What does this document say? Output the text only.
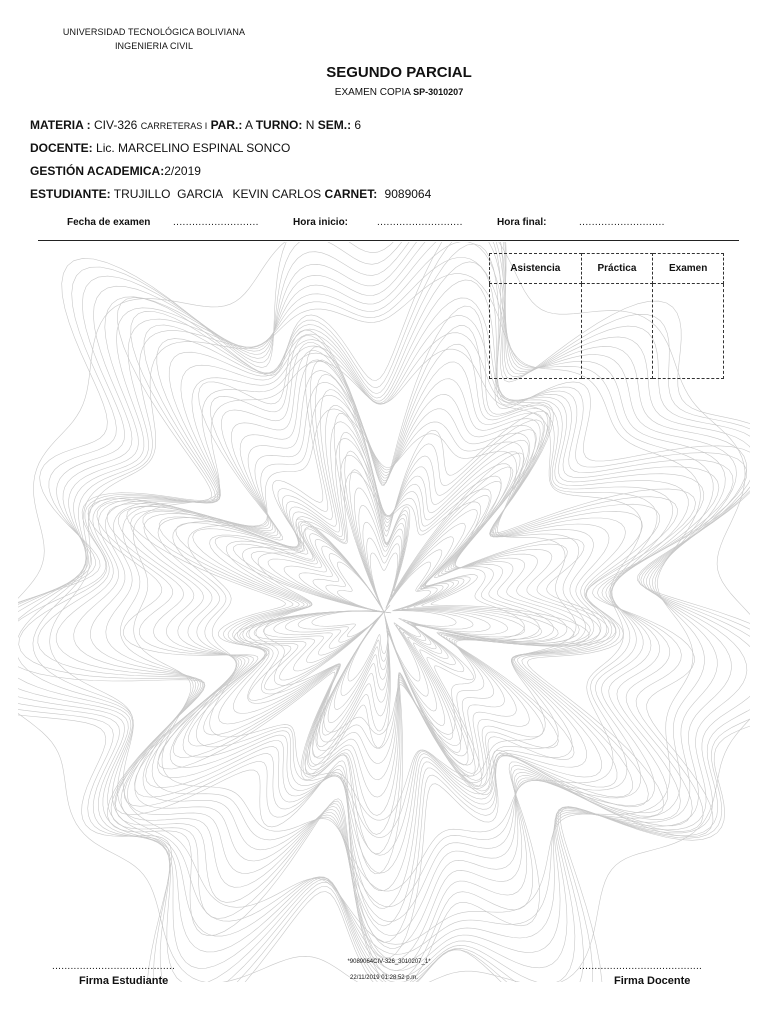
UNIVERSIDAD TECNOLÓGICA BOLIVIANA
INGENIERIA CIVIL
SEGUNDO PARCIAL
EXAMEN COPIA SP-3010207
MATERIA : CIV-326 CARRETERAS I PAR.: A TURNO: N SEM.: 6
DOCENTE: Lic. MARCELINO ESPINAL SONCO
GESTIÓN ACADEMICA:2/2019
ESTUDIANTE: TRUJILLO  GARCIA   KEVIN CARLOS CARNET: 9089064
Fecha de examen ...........................	Hora inicio:	...........................	Hora final:	...........................
Asistencia	Práctica	Examen

........................................
Firma Estudiante
........................................
Firma Docente
*9089064CIV-326_3010207_1*
22/11/2019 01:28:52 p.m.
